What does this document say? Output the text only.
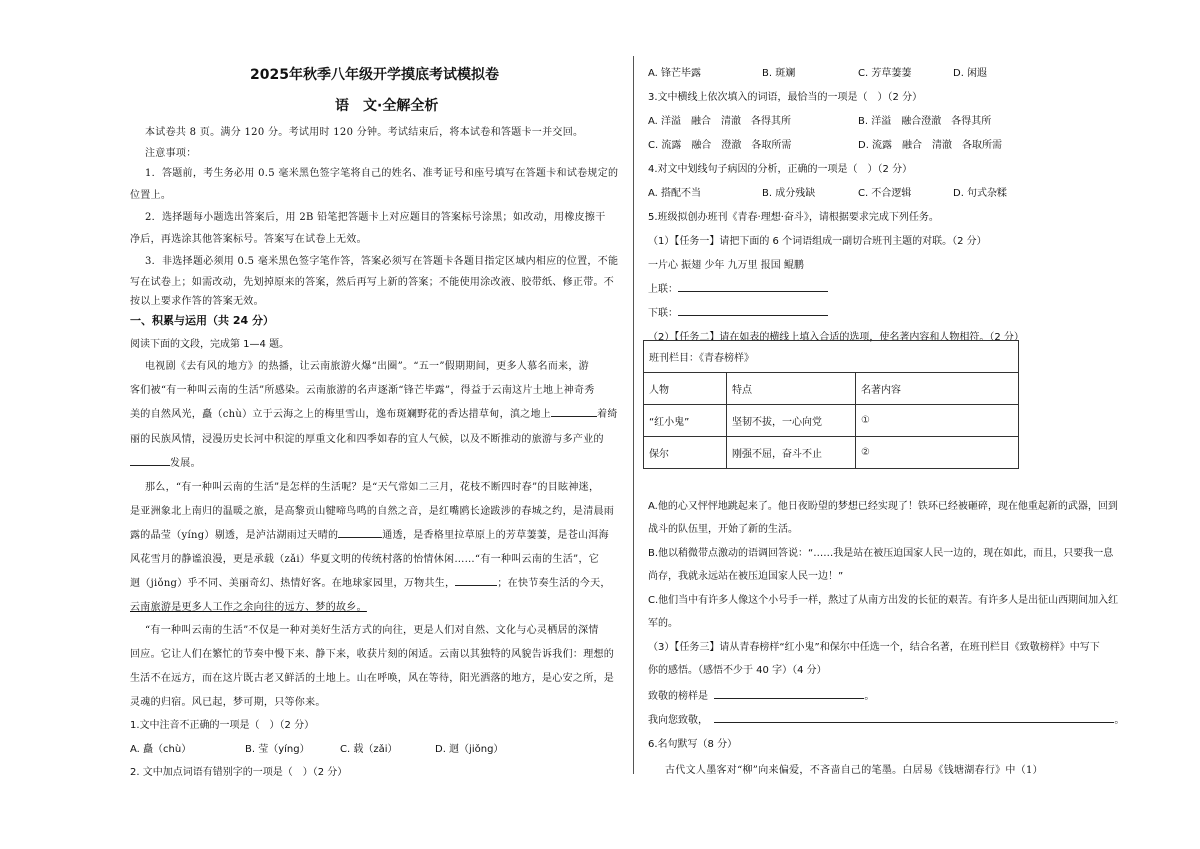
2025年秋季八年级开学摸底考试模拟卷
语　文·全解全析
本试卷共 8 页。满分 120 分。考试用时 120 分钟。考试结束后，将本试卷和答题卡一并交回。
注意事项：
1．答题前，考生务必用 0.5 毫米黑色签字笔将自己的姓名、准考证号和座号填写在答题卡和试卷规定的
位置上。
2．选择题每小题选出答案后，用 2B 铅笔把答题卡上对应题目的答案标号涂黑；如改动，用橡皮擦干
净后，再选涂其他答案标号。答案写在试卷上无效。
3．非选择题必须用 0.5 毫米黑色签字笔作答，答案必须写在答题卡各题目指定区域内相应的位置，不能
写在试卷上；如需改动，先划掉原来的答案，然后再写上新的答案；不能使用涂改液、胶带纸、修正带。不
按以上要求作答的答案无效。
一、积累与运用（共 24 分）
阅读下面的文段，完成第 1—4 题。
电视剧《去有风的地方》的热播，让云南旅游火爆“出圈”。“五一”假期期间，更多人慕名而来，游
客们被“有一种叫云南的生活”所感染。云南旅游的名声逐渐“锋芒毕露”，得益于云南这片土地上神奇秀
美的自然风光，矗（chù）立于云海之上的梅里雪山，逸布斑斓野花的香达措草甸，滇之地上	着绮
丽的民族风情，浸漫历史长河中积淀的厚重文化和四季如春的宜人气候，以及不断推动的旅游与多产业的
发展。
那么，“有一种叫云南的生活”是怎样的生活呢？是“天气常如二三月，花枝不断四时春”的目眩神迷，
是亚洲象北上南归的温暖之旅，是高黎贡山犍啼鸟鸣的自然之音，是红嘴鸥长途跋涉的春城之约，是清晨雨
露的晶莹（yíng）剔透，是泸沽湖雨过天晴的	通透，是香格里拉草原上的芳草萋萋，是苍山洱海
风花雪月的静谧浪漫，更是承载（zǎi）华夏文明的传统村落的怡情休闲……“有一种叫云南的生活”，它
迥（jiǒng）乎不同、美丽奇幻、热情好客。在地球家园里，万物共生，	；在快节奏生活的今天，
云南旅游是更多人工作之余向往的远方、梦的故乡。
“有一种叫云南的生活”不仅是一种对美好生活方式的向往，更是人们对自然、文化与心灵栖居的深情
回应。它让人们在繁忙的节奏中慢下来、静下来，收获片刻的闲适。云南以其独特的风貌告诉我们：理想的
生活不在远方，而在这片既古老又鲜活的土地上。山在呼唤，风在等待，阳光洒落的地方，是心安之所，是
灵魂的归宿。风已起，梦可期，只等你来。
1.文中注音不正确的一项是（　）（2 分）
A. 矗（chù）	B. 莹（yíng）	C. 载（zǎi）	D. 迥（jiǒng）
2. 文中加点词语有错别字的一项是（　）（2 分）
A. 锋芒毕露	B. 斑斓	C. 芳草萋萋	D. 闲遐
3.文中横线上依次填入的词语，最恰当的一项是（　）（2 分）
A. 洋溢　融合　清澈　各得其所	B. 洋溢　融合澄澈　各得其所
C. 流露　融合　澄澈　各取所需	D. 流露　融合　清澈　各取所需
4.对文中划线句子病因的分析，正确的一项是（　）（2 分）
A. 搭配不当	B. 成分残缺	C. 不合逻辑	D. 句式杂糅
5.班级拟创办班刊《青春·理想·奋斗》，请根据要求完成下列任务。
（1）【任务一】请把下面的 6 个词语组成一副切合班刊主题的对联。（2 分）
一片心 振翅 少年 九万里 报国 鲲鹏
上联：
下联：
（2）【任务二】请在如表的横线上填入合适的选项，使名著内容和人物相符。（2 分）
班刊栏目：《青春榜样》		
人物	特点	名著内容
“红小鬼”	坚韧不拔，一心向党	①
保尔	刚强不屈，奋斗不止	②
A.他的心又怦怦地跳起来了。他日夜盼望的梦想已经实现了！铁环已经被砸碎，现在他重起新的武器，回到
战斗的队伍里，开始了新的生活。
B.他以稍微带点激动的语调回答说：“……我是站在被压迫国家人民一边的，现在如此，而且，只要我一息
尚存，我就永远站在被压迫国家人民一边！”
C.他们当中有许多人像这个小号手一样，熬过了从南方出发的长征的艰苦。有许多人是出征山西期间加入红
军的。
（3）【任务三】请从青春榜样“红小鬼”和保尔中任选一个，结合名著，在班刊栏目《致敬榜样》中写下
你的感悟。（感悟不少于 40 字）（4 分）
致敬的榜样是	。
我向您致敬，	。
6.名句默写（8 分）
古代文人墨客对“柳”向来偏爱，不吝啬自己的笔墨。白居易《钱塘湖春行》中（1）
